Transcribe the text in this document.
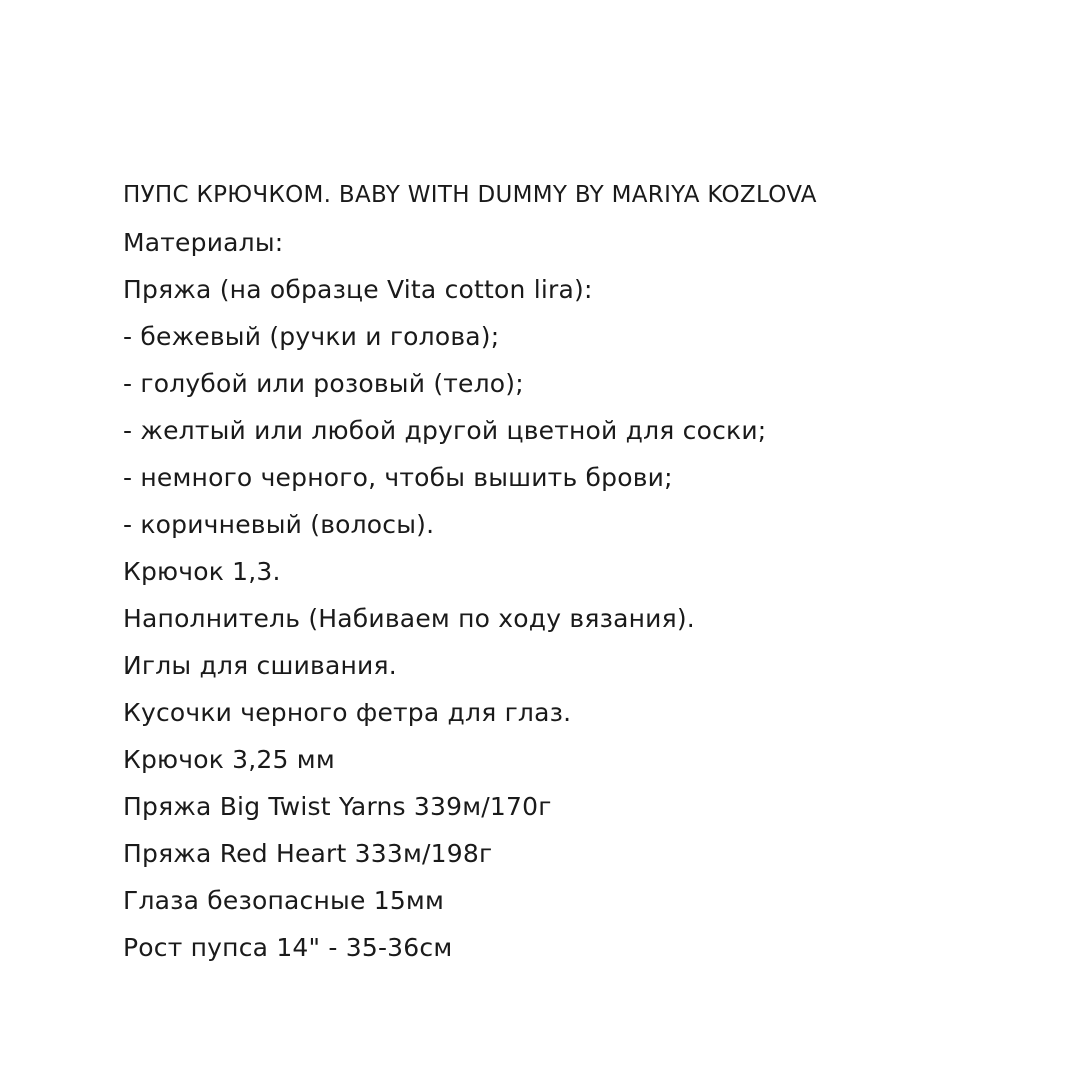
ПУПС КРЮЧКОМ. BABY WITH DUMMY BY MARIYA KOZLOVA
Материалы:
Пряжа (на образце Vita cotton lira):
- бежевый (ручки и голова);
- голубой или розовый (тело);
- желтый или любой другой цветной для соски;
- немного черного, чтобы вышить брови;
- коричневый (волосы).
Крючок 1,3.
Наполнитель (Набиваем по ходу вязания).
Иглы для сшивания.
Кусочки черного фетра для глаз.
Крючок 3,25 мм
Пряжа Big Twist Yarns 339м/170г
Пряжа Red Heart 333м/198г
Глаза безопасные 15мм
Рост пупса 14" - 35-36см
